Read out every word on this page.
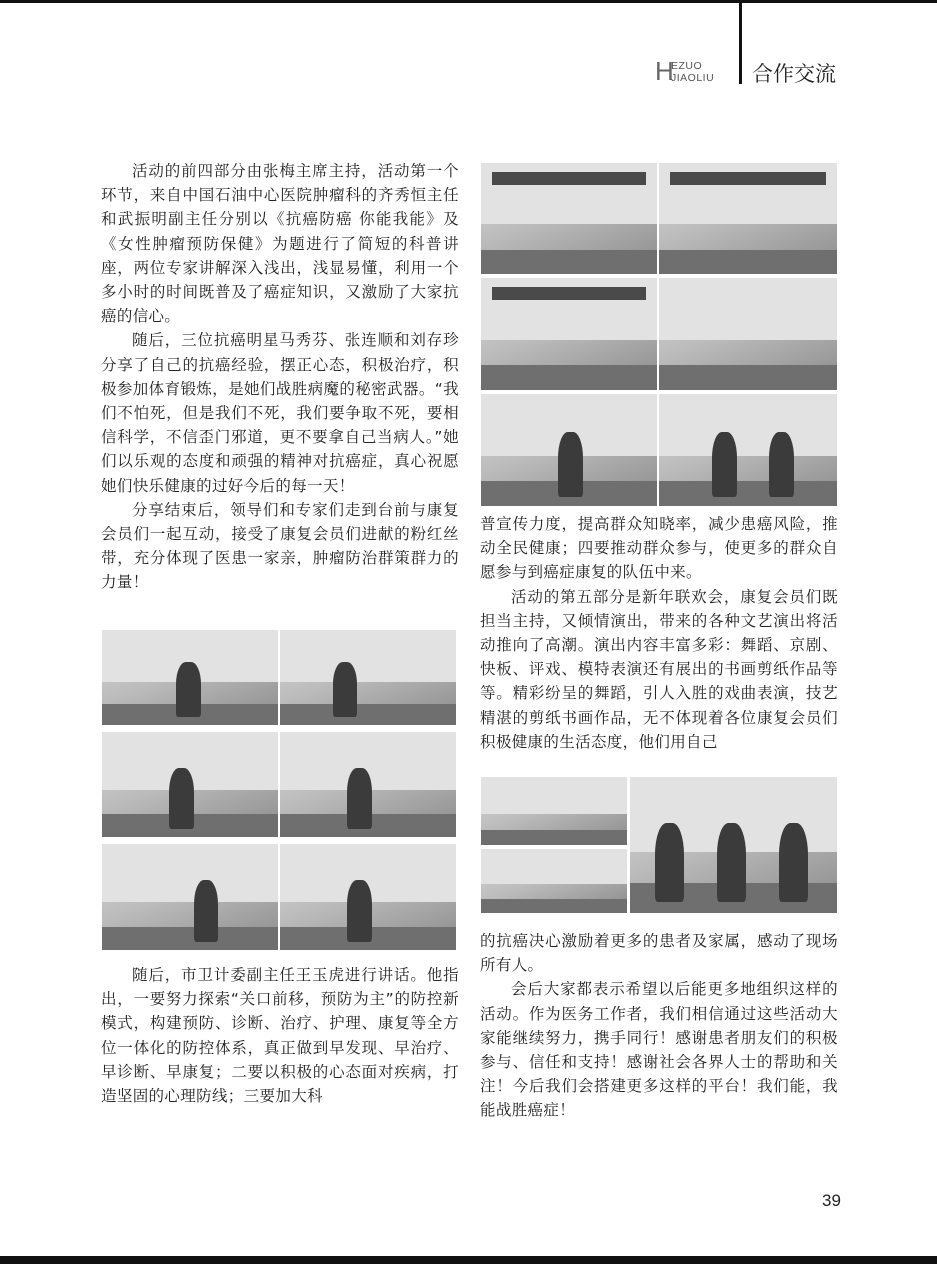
H
EZUO
JIAOLIU 合作交流

活动的前四部分由张梅主席主持，活动第一个环节，来自中国石油中心医院肿瘤科的齐秀恒主任和武振明副主任分别以《抗癌防癌 你能我能》及《女性肿瘤预防保健》为题进行了简短的科普讲座，两位专家讲解深入浅出，浅显易懂，利用一个多小时的时间既普及了癌症知识，又激励了大家抗癌的信心。

随后，三位抗癌明星马秀芬、张连顺和刘存珍分享了自己的抗癌经验，摆正心态，积极治疗，积极参加体育锻炼，是她们战胜病魔的秘密武器。“我们不怕死，但是我们不死，我们要争取不死，要相信科学，不信歪门邪道，更不要拿自己当病人。”她们以乐观的态度和顽强的精神对抗癌症，真心祝愿她们快乐健康的过好今后的每一天！

分享结束后，领导们和专家们走到台前与康复会员们一起互动，接受了康复会员们进献的粉红丝带，充分体现了医患一家亲，肿瘤防治群策群力的力量！

随后，市卫计委副主任王玉虎进行讲话。他指出，一要努力探索“关口前移，预防为主”的防控新模式，构建预防、诊断、治疗、护理、康复等全方位一体化的防控体系，真正做到早发现、早治疗、早诊断、早康复；二要以积极的心态面对疾病，打造坚固的心理防线；三要加大科

普宣传力度，提高群众知晓率，减少患癌风险，推动全民健康；四要推动群众参与，使更多的群众自愿参与到癌症康复的队伍中来。

活动的第五部分是新年联欢会，康复会员们既担当主持，又倾情演出，带来的各种文艺演出将活动推向了高潮。演出内容丰富多彩：舞蹈、京剧、快板、评戏、模特表演还有展出的书画剪纸作品等等。精彩纷呈的舞蹈，引人入胜的戏曲表演，技艺精湛的剪纸书画作品，无不体现着各位康复会员们积极健康的生活态度，他们用自己

的抗癌决心激励着更多的患者及家属，感动了现场所有人。

会后大家都表示希望以后能更多地组织这样的活动。作为医务工作者，我们相信通过这些活动大家能继续努力，携手同行！感谢患者朋友们的积极参与、信任和支持！感谢社会各界人士的帮助和关注！今后我们会搭建更多这样的平台！我们能，我能战胜癌症！

39
